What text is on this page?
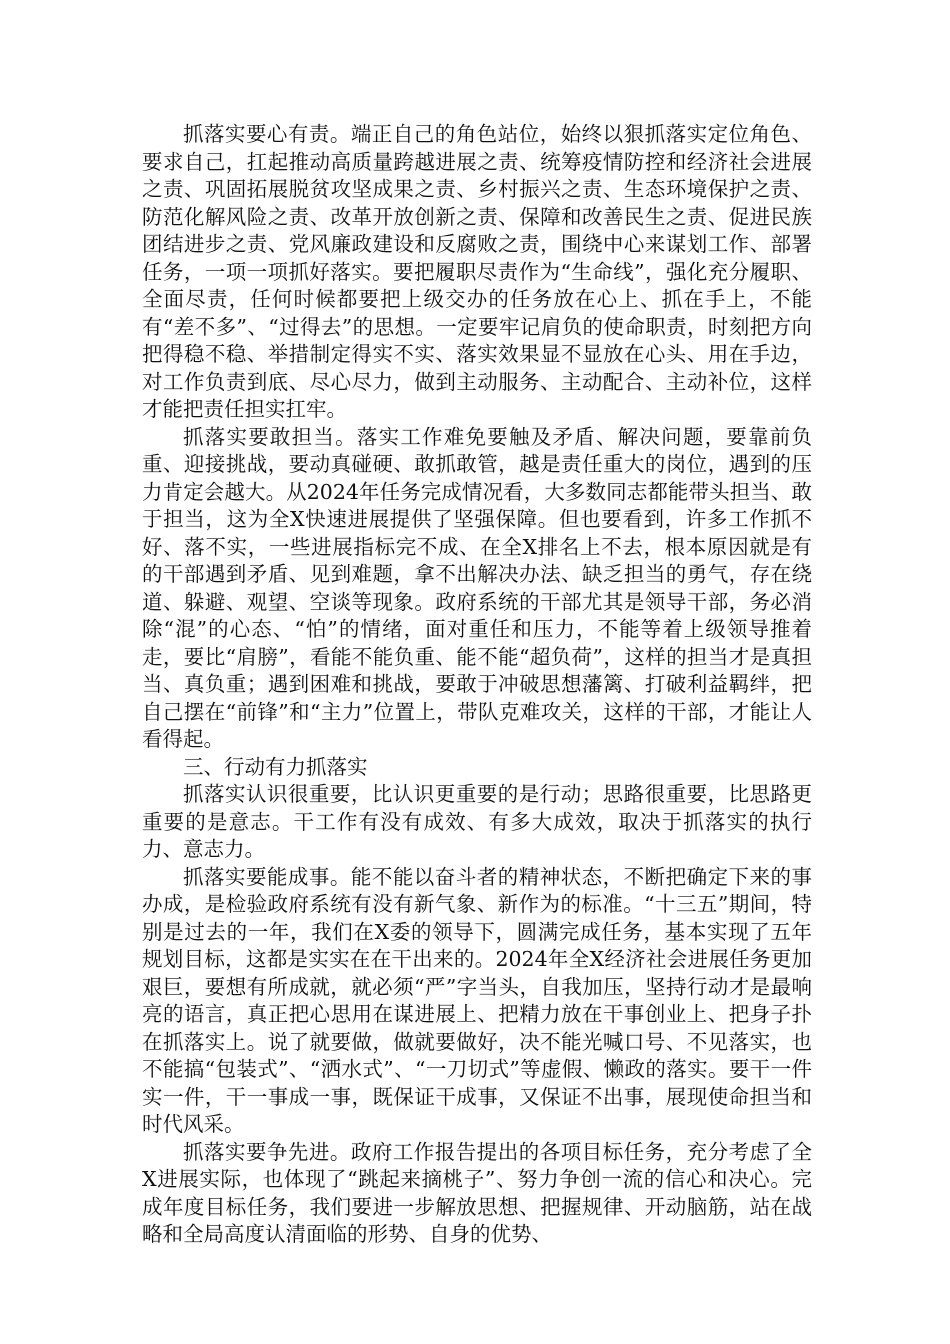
抓落实要心有责。端正自己的角色站位，始终以狠抓落实定位角色、要求自己，扛起推动高质量跨越进展之责、统筹疫情防控和经济社会进展之责、巩固拓展脱贫攻坚成果之责、乡村振兴之责、生态环境保护之责、防范化解风险之责、改革开放创新之责、保障和改善民生之责、促进民族团结进步之责、党风廉政建设和反腐败之责，围绕中心来谋划工作、部署任务，一项一项抓好落实。要把履职尽责作为“生命线”，强化充分履职、全面尽责，任何时候都要把上级交办的任务放在心上、抓在手上，不能有“差不多”、“过得去”的思想。一定要牢记肩负的使命职责，时刻把方向把得稳不稳、举措制定得实不实、落实效果显不显放在心头、用在手边，对工作负责到底、尽心尽力，做到主动服务、主动配合、主动补位，这样才能把责任担实扛牢。

抓落实要敢担当。落实工作难免要触及矛盾、解决问题，要靠前负重、迎接挑战，要动真碰硬、敢抓敢管，越是责任重大的岗位，遇到的压力肯定会越大。从2024年任务完成情况看，大多数同志都能带头担当、敢于担当，这为全X快速进展提供了坚强保障。但也要看到，许多工作抓不好、落不实，一些进展指标完不成、在全X排名上不去，根本原因就是有的干部遇到矛盾、见到难题，拿不出解决办法、缺乏担当的勇气，存在绕道、躲避、观望、空谈等现象。政府系统的干部尤其是领导干部，务必消除“混”的心态、“怕”的情绪，面对重任和压力，不能等着上级领导推着走，要比“肩膀”，看能不能负重、能不能“超负荷”，这样的担当才是真担当、真负重；遇到困难和挑战，要敢于冲破思想藩篱、打破利益羁绊，把自己摆在“前锋”和“主力”位置上，带队克难攻关，这样的干部，才能让人看得起。

三、行动有力抓落实

抓落实认识很重要，比认识更重要的是行动；思路很重要，比思路更重要的是意志。干工作有没有成效、有多大成效，取决于抓落实的执行力、意志力。

抓落实要能成事。能不能以奋斗者的精神状态，不断把确定下来的事办成，是检验政府系统有没有新气象、新作为的标准。“十三五”期间，特别是过去的一年，我们在X委的领导下，圆满完成任务，基本实现了五年规划目标，这都是实实在在干出来的。2024年全X经济社会进展任务更加艰巨，要想有所成就，就必须“严”字当头，自我加压，坚持行动才是最响亮的语言，真正把心思用在谋进展上、把精力放在干事创业上、把身子扑在抓落实上。说了就要做，做就要做好，决不能光喊口号、不见落实，也不能搞“包装式”、“洒水式”、“一刀切式”等虚假、懒政的落实。要干一件实一件，干一事成一事，既保证干成事，又保证不出事，展现使命担当和时代风采。

抓落实要争先进。政府工作报告提出的各项目标任务，充分考虑了全X进展实际，也体现了“跳起来摘桃子”、努力争创一流的信心和决心。完成年度目标任务，我们要进一步解放思想、把握规律、开动脑筋，站在战略和全局高度认清面临的形势、自身的优势、
